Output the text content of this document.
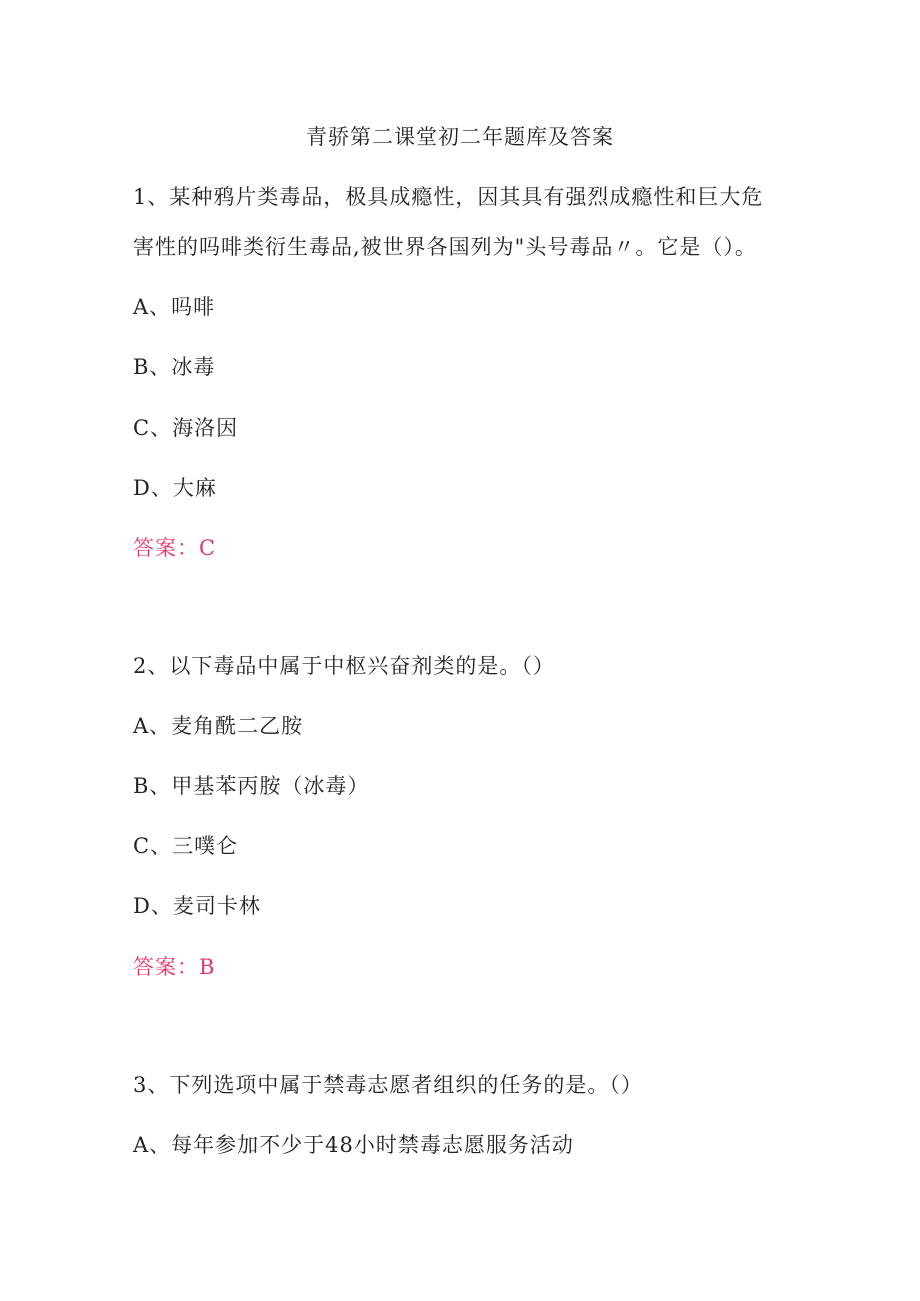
青骄第二课堂初二年题库及答案
1、某种鸦片类毒品，极具成瘾性，因其具有强烈成瘾性和巨大危
害性的吗啡类衍生毒品,被世界各国列为"头号毒品〃。它是（）。
A、吗啡
B、冰毒
C、海洛因
D、大麻
答案：C
2、以下毒品中属于中枢兴奋剂类的是。（）
A、麦角酰二乙胺
B、甲基苯丙胺（冰毒）
C、三噗仑
D、麦司卡林
答案：B
3、下列选项中属于禁毒志愿者组织的任务的是。（）
A、每年参加不少于48小时禁毒志愿服务活动
